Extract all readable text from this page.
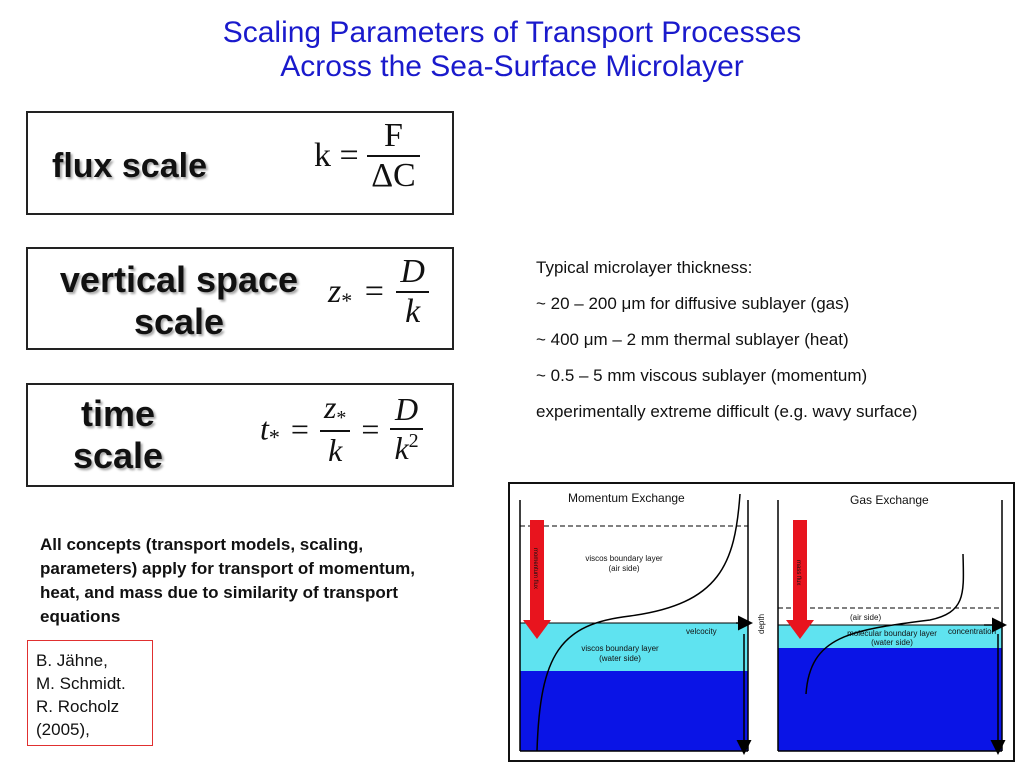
Scaling Parameters of Transport Processes
Across the Sea-Surface Microlayer
flux scale	$k = \frac{F}{\Delta C}$
vertical space
scale
$z_* = \frac{D}{k}$
time
scale
$t_* = \frac{z*}{k} = \frac{D}{k^2}$
Typical microlayer thickness:
~ 20 – 200 μm for diffusive sublayer (gas)
~ 400 μm – 2 mm thermal sublayer (heat)
~ 0.5 – 5 mm viscous sublayer (momentum)
experimentally extreme difficult (e.g. wavy surface)
All concepts (transport models, scaling, parameters) apply for transport of momentum, heat, and mass due to similarity of transport equations
B. Jähne,
M. Schmidt.
R. Rocholz
(2005),
Momentum Exchange
viscos boundary layer
(air side)
viscos boundary layer
(water side)
velcocity
momentum flux
depth
Gas Exchange
(air side)
molecular boundary layer
(water side)
concentration
mass flux
